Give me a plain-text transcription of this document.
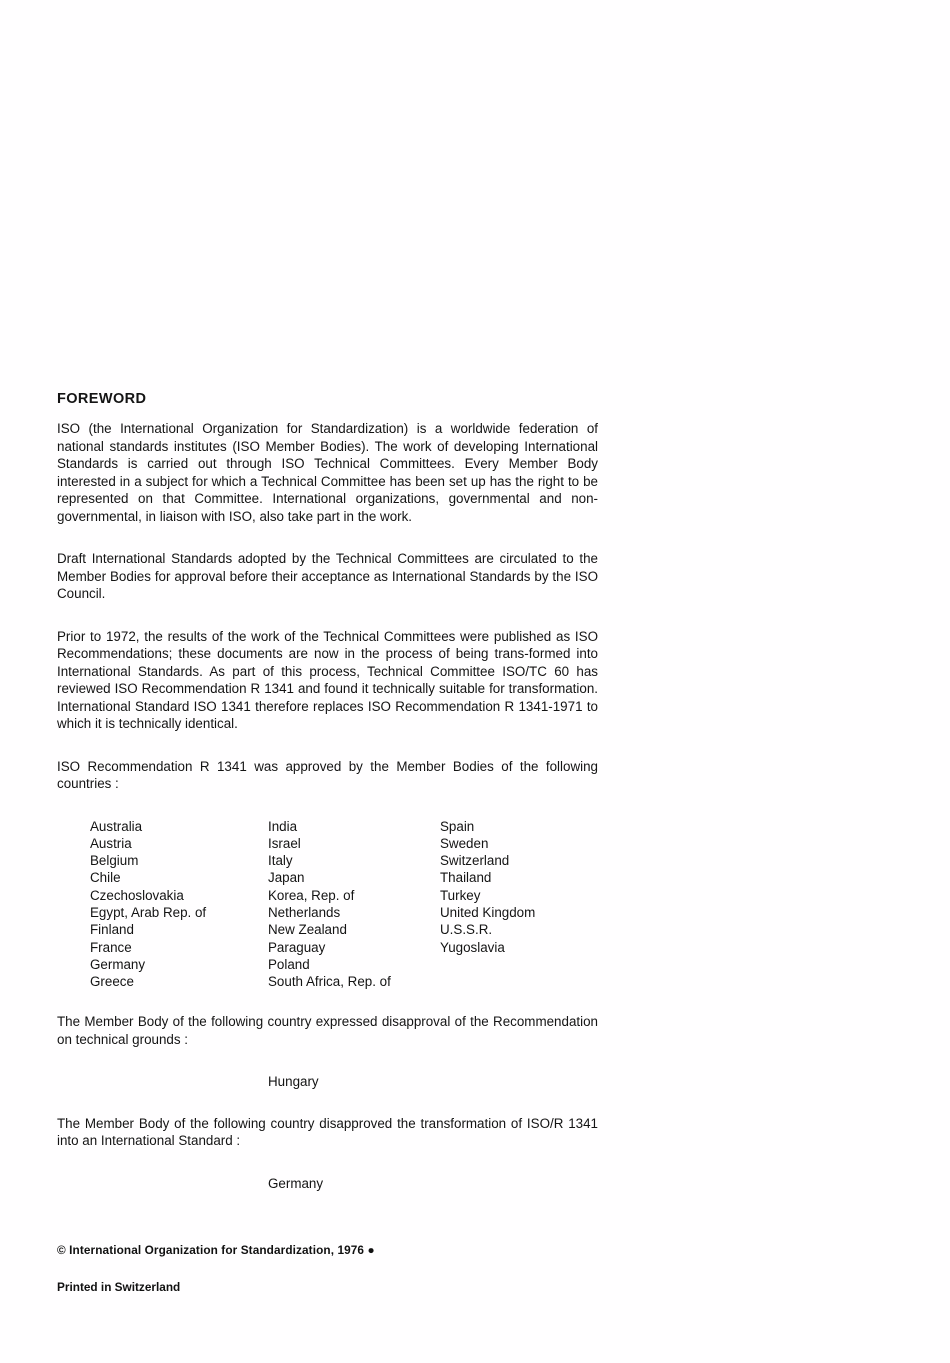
FOREWORD

ISO (the International Organization for Standardization) is a worldwide federation of national standards institutes (ISO Member Bodies). The work of developing International Standards is carried out through ISO Technical Committees. Every Member Body interested in a subject for which a Technical Committee has been set up has the right to be represented on that Committee. International organizations, governmental and non-governmental, in liaison with ISO, also take part in the work.

Draft International Standards adopted by the Technical Committees are circulated to the Member Bodies for approval before their acceptance as International Standards by the ISO Council.

Prior to 1972, the results of the work of the Technical Committees were published as ISO Recommendations; these documents are now in the process of being trans-formed into International Standards. As part of this process, Technical Committee ISO/TC 60 has reviewed ISO Recommendation R 1341 and found it technically suitable for transformation. International Standard ISO 1341 therefore replaces ISO Recommendation R 1341-1971 to which it is technically identical.

ISO Recommendation R 1341 was approved by the Member Bodies of the following countries :

Australia
Austria
Belgium
Chile
Czechoslovakia
Egypt, Arab Rep. of
Finland
France
Germany
Greece
India
Israel
Italy
Japan
Korea, Rep. of
Netherlands
New Zealand
Paraguay
Poland
South Africa, Rep. of
Spain
Sweden
Switzerland
Thailand
Turkey
United Kingdom
U.S.S.R.
Yugoslavia

The Member Body of the following country expressed disapproval of the Recommendation on technical grounds :

Hungary

The Member Body of the following country disapproved the transformation of ISO/R 1341 into an International Standard :

Germany
© International Organization for Standardization, 1976 ●
Printed in Switzerland
